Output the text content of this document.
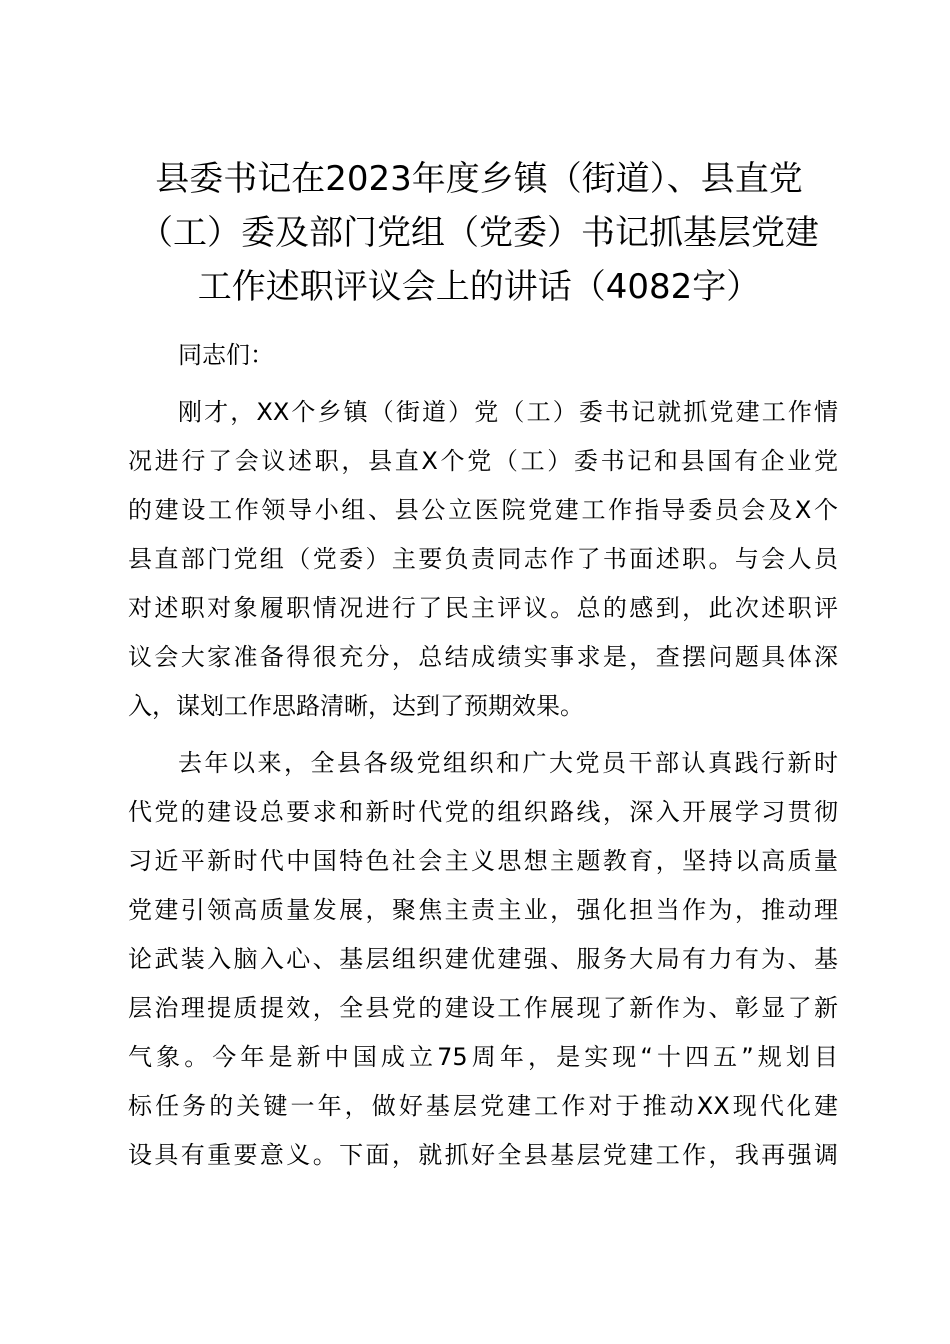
县委书记在2023年度乡镇（街道）、县直党
（工）委及部门党组（党委）书记抓基层党建
工作述职评议会上的讲话（4082字）

同志们：

刚才，XX个乡镇（街道）党（工）委书记就抓党建工作情
况进行了会议述职，县直X个党（工）委书记和县国有企业党
的建设工作领导小组、县公立医院党建工作指导委员会及X个
县直部门党组（党委）主要负责同志作了书面述职。与会人员
对述职对象履职情况进行了民主评议。总的感到，此次述职评
议会大家准备得很充分，总结成绩实事求是，查摆问题具体深
入，谋划工作思路清晰，达到了预期效果。

去年以来，全县各级党组织和广大党员干部认真践行新时
代党的建设总要求和新时代党的组织路线，深入开展学习贯彻
习近平新时代中国特色社会主义思想主题教育，坚持以高质量
党建引领高质量发展，聚焦主责主业，强化担当作为，推动理
论武装入脑入心、基层组织建优建强、服务大局有力有为、基
层治理提质提效，全县党的建设工作展现了新作为、彰显了新
气象。今年是新中国成立75周年，是实现“十四五”规划目
标任务的关键一年，做好基层党建工作对于推动XX现代化建
设具有重要意义。下面，就抓好全县基层党建工作，我再强调
